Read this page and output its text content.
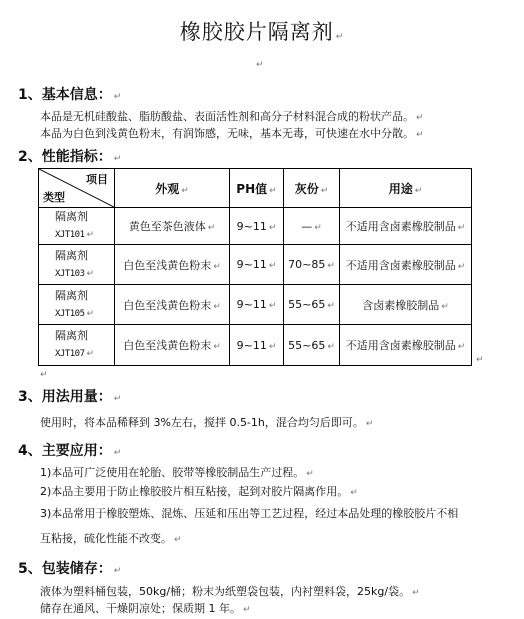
橡胶胶片隔离剂 ↵
↵
1、基本信息： ↵
本品是无机硅酸盐、脂肪酸盐、表面活性剂和高分子材料混合成的粉状产品。 ↵
本品为白色到浅黄色粉末，有润饰感，无味，基本无毒，可快速在水中分散。 ↵
2、性能指标： ↵
项目
类型	外观 ↵	PH值 ↵	灰份 ↵	用途 ↵
隔离剂
XJT101 ↵	黄色至茶色液体 ↵	9~11 ↵	— ↵	不适用含卤素橡胶制品 ↵
隔离剂
XJT103 ↵	白色至浅黄色粉末 ↵	9~11 ↵	70~85 ↵	不适用含卤素橡胶制品 ↵
隔离剂
XJT105 ↵	白色至浅黄色粉末 ↵	9~11 ↵	55~65 ↵	含卤素橡胶制品 ↵
隔离剂
XJT107 ↵	白色至浅黄色粉末 ↵	9~11 ↵	55~65 ↵	不适用含卤素橡胶制品 ↵
↵
↵
3、用法用量： ↵
使用时，将本品稀释到 3%左右，搅拌 0.5-1h，混合均匀后即可。 ↵
4、主要应用： ↵
1)本品可广泛使用在轮胎、胶带等橡胶制品生产过程。 ↵
2)本品主要用于防止橡胶胶片相互粘接，起到对胶片隔离作用。 ↵
3)本品常用于橡胶塑炼、混炼、压延和压出等工艺过程，经过本品处理的橡胶胶片不相
互粘接，硫化性能不改变。 ↵
5、包装储存： ↵
液体为塑料桶包装，50kg/桶；粉末为纸塑袋包装，内衬塑料袋，25kg/袋。 ↵
储存在通风、干燥阴凉处；保质期 1 年。 ↵
